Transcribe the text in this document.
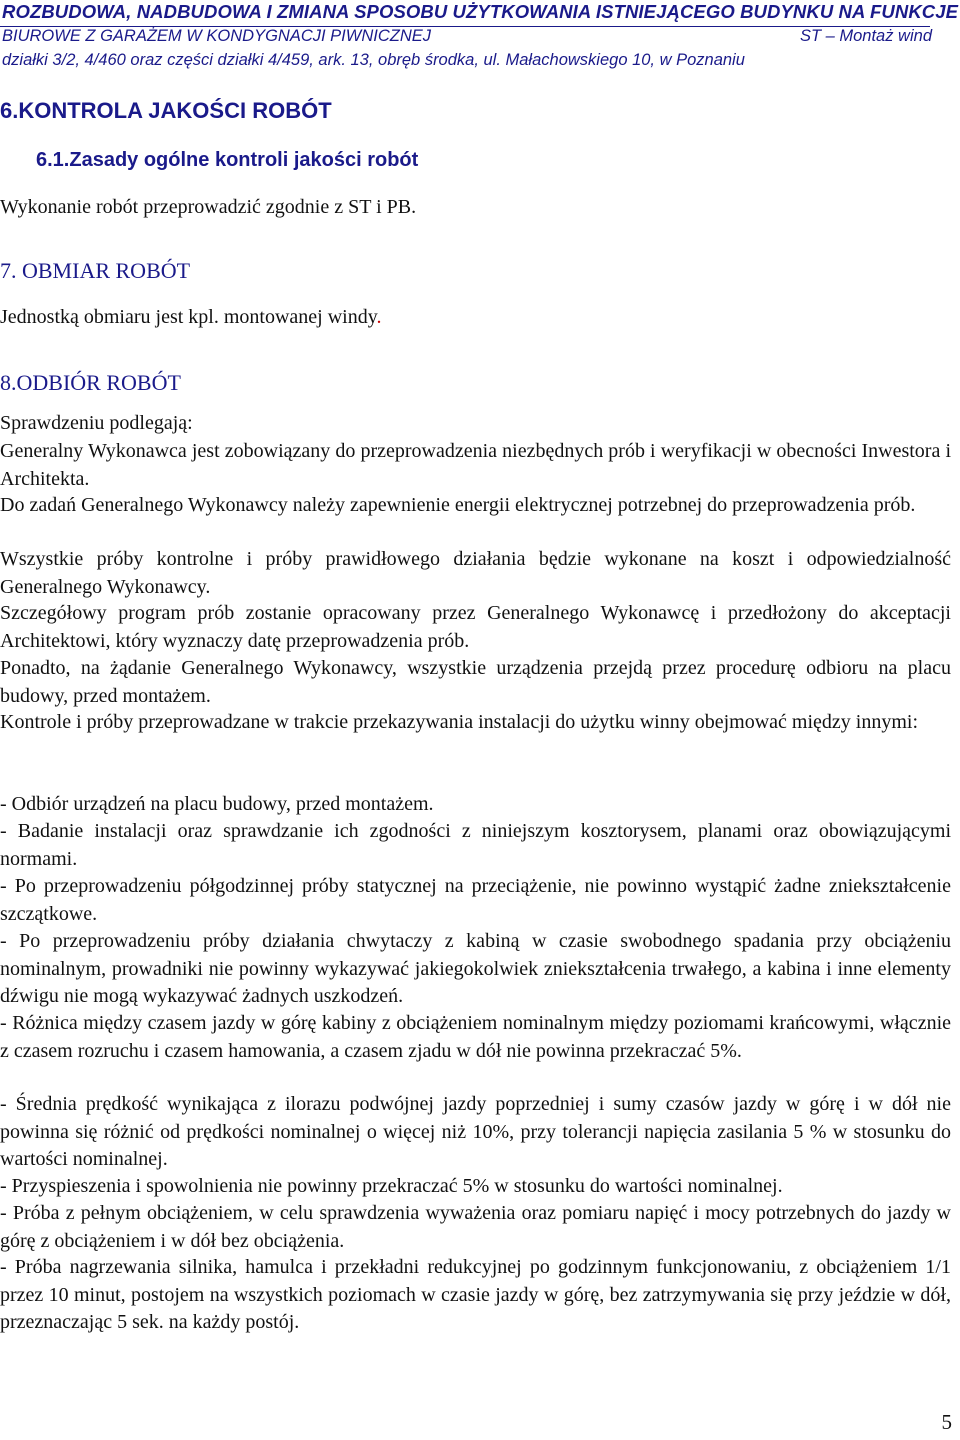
ROZBUDOWA, NADBUDOWA I ZMIANA SPOSOBU UŻYTKOWANIA ISTNIEJĄCEGO BUDYNKU NA FUNKCJE
BIUROWE Z GARAŻEM W KONDYGNACJI PIWNICZNEJ	ST – Montaż wind
działki 3/2, 4/460 oraz części działki 4/459, ark. 13, obręb środka, ul. Małachowskiego 10, w Poznaniu
6.KONTROLA JAKOŚCI ROBÓT
6.1.Zasady ogólne kontroli jakości robót
Wykonanie robót przeprowadzić zgodnie z ST i PB.
7. OBMIAR ROBÓT
Jednostką obmiaru jest kpl. montowanej windy.
8.ODBIÓR ROBÓT
Sprawdzeniu podlegają:
Generalny Wykonawca jest zobowiązany do przeprowadzenia niezbędnych prób i weryfikacji w obecności Inwestora i Architekta.
Do zadań Generalnego Wykonawcy należy zapewnienie energii elektrycznej potrzebnej do przeprowadzenia prób.
Wszystkie próby kontrolne i próby prawidłowego działania będzie wykonane na koszt i odpowiedzialność Generalnego Wykonawcy.
Szczegółowy program prób zostanie opracowany przez Generalnego Wykonawcę i przedłożony do akceptacji Architektowi, który wyznaczy datę przeprowadzenia prób.
Ponadto, na żądanie Generalnego Wykonawcy, wszystkie urządzenia przejdą przez procedurę odbioru na placu budowy, przed montażem.
Kontrole i próby przeprowadzane w trakcie przekazywania instalacji do użytku winny obejmować między innymi:
- Odbiór urządzeń na placu budowy, przed montażem.
- Badanie instalacji oraz sprawdzanie ich zgodności z niniejszym kosztorysem, planami oraz obowiązującymi normami.
- Po przeprowadzeniu półgodzinnej próby statycznej na przeciążenie, nie powinno wystąpić żadne zniekształcenie szczątkowe.
- Po przeprowadzeniu próby działania chwytaczy z kabiną w czasie swobodnego spadania przy obciążeniu nominalnym, prowadniki nie powinny wykazywać jakiegokolwiek zniekształcenia trwałego, a kabina i inne elementy dźwigu nie mogą wykazywać żadnych uszkodzeń.
- Różnica między czasem jazdy w górę kabiny z obciążeniem nominalnym między poziomami krańcowymi, włącznie z czasem rozruchu i czasem hamowania, a czasem zjadu w dół nie powinna przekraczać 5%.
- Średnia prędkość wynikająca z ilorazu podwójnej jazdy poprzedniej i sumy czasów jazdy w górę i w dół nie powinna się różnić od prędkości nominalnej o więcej niż 10%, przy tolerancji napięcia zasilania 5 % w stosunku do wartości nominalnej.
- Przyspieszenia i spowolnienia nie powinny przekraczać 5% w stosunku do wartości nominalnej.
- Próba z pełnym obciążeniem, w celu sprawdzenia wyważenia oraz pomiaru napięć i mocy potrzebnych do jazdy w górę z obciążeniem i w dół bez obciążenia.
- Próba nagrzewania silnika, hamulca i przekładni redukcyjnej po godzinnym funkcjonowaniu, z obciążeniem 1/1 przez 10 minut, postojem na wszystkich poziomach w czasie jazdy w górę, bez zatrzymywania się przy jeździe w dół, przeznaczając 5 sek. na każdy postój.
5
